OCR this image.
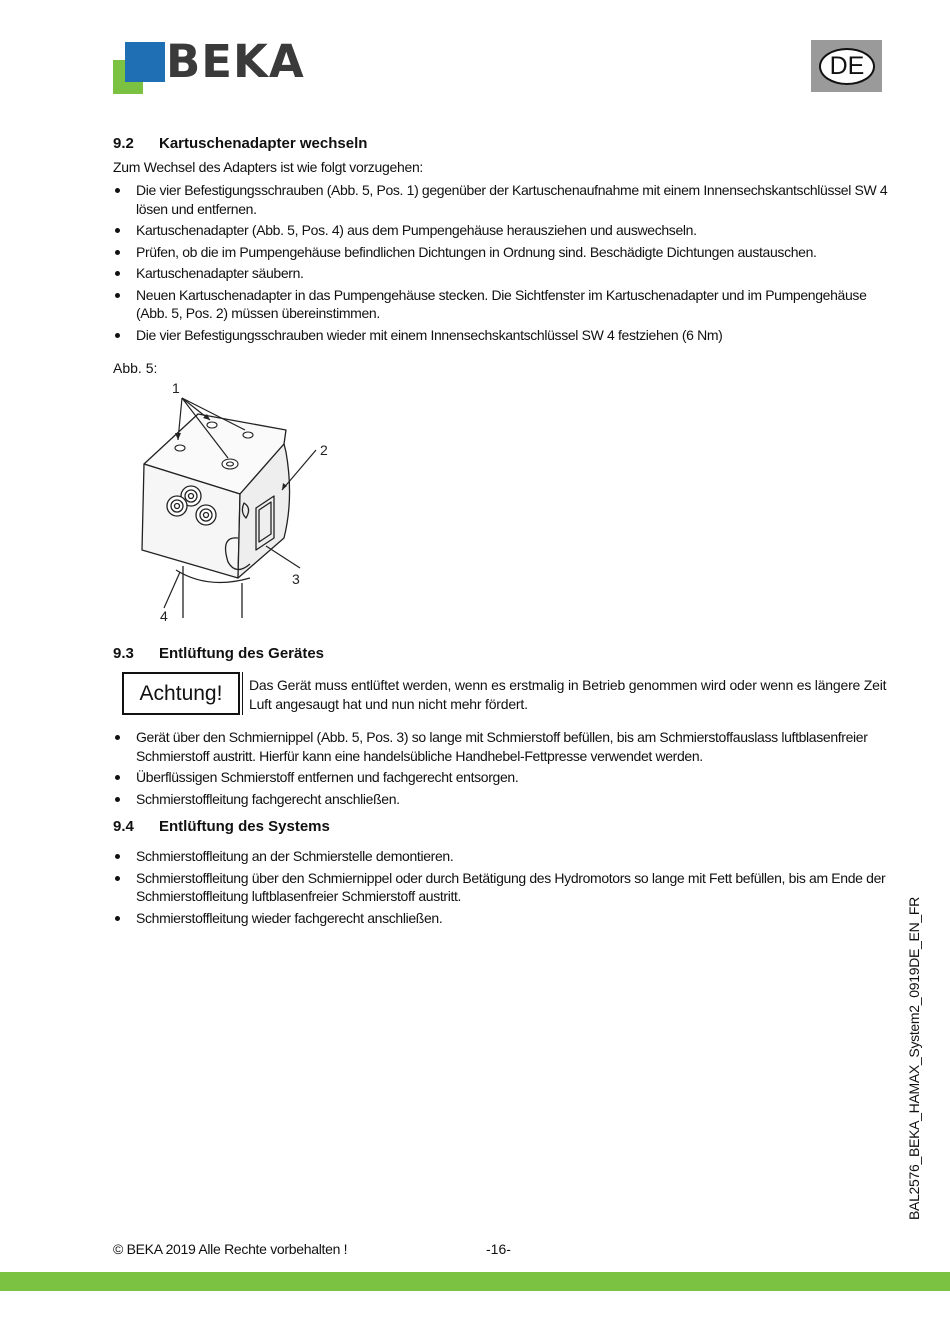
BEKA	DE
9.2 Kartuschenadapter wechseln
Zum Wechsel des Adapters ist wie folgt vorzugehen:
Die vier Befestigungsschrauben (Abb. 5, Pos. 1) gegenüber der Kartuschenaufnahme mit einem Innensechskantschlüssel SW 4 lösen und entfernen.
Kartuschenadapter (Abb. 5, Pos. 4) aus dem Pumpengehäuse herausziehen und auswechseln.
Prüfen, ob die im Pumpengehäuse befindlichen Dichtungen in Ordnung sind. Beschädigte Dichtungen austauschen.
Kartuschenadapter säubern.
Neuen Kartuschenadapter in das Pumpengehäuse stecken. Die Sichtfenster im Kartuschenadapter und im Pumpengehäuse (Abb. 5, Pos. 2) müssen übereinstimmen.
Die vier Befestigungsschrauben wieder mit einem Innensechskantschlüssel SW 4 festziehen (6 Nm)
Abb. 5:
1
2
3
4
9.3 Entlüftung des Gerätes
Achtung!	Das Gerät muss entlüftet werden, wenn es erstmalig in Betrieb genommen wird oder wenn es längere Zeit Luft angesaugt hat und nun nicht mehr fördert.
Gerät über den Schmiernippel (Abb. 5, Pos. 3) so lange mit Schmierstoff befüllen, bis am Schmierstoffauslass luftblasenfreier Schmierstoff austritt. Hierfür kann eine handelsübliche Handhebel-Fettpresse verwendet werden.
Überflüssigen Schmierstoff entfernen und fachgerecht entsorgen.
Schmierstoffleitung fachgerecht anschließen.
9.4 Entlüftung des Systems
Schmierstoffleitung an der Schmierstelle demontieren.
Schmierstoffleitung über den Schmiernippel oder durch Betätigung des Hydromotors so lange mit Fett befüllen, bis am Ende der Schmierstoffleitung luftblasenfreier Schmierstoff austritt.
Schmierstoffleitung wieder fachgerecht anschließen.	BAL2576_BEKA_HAMAX_System2_0919DE_EN_FR
© BEKA 2019 Alle Rechte vorbehalten !	-16-
